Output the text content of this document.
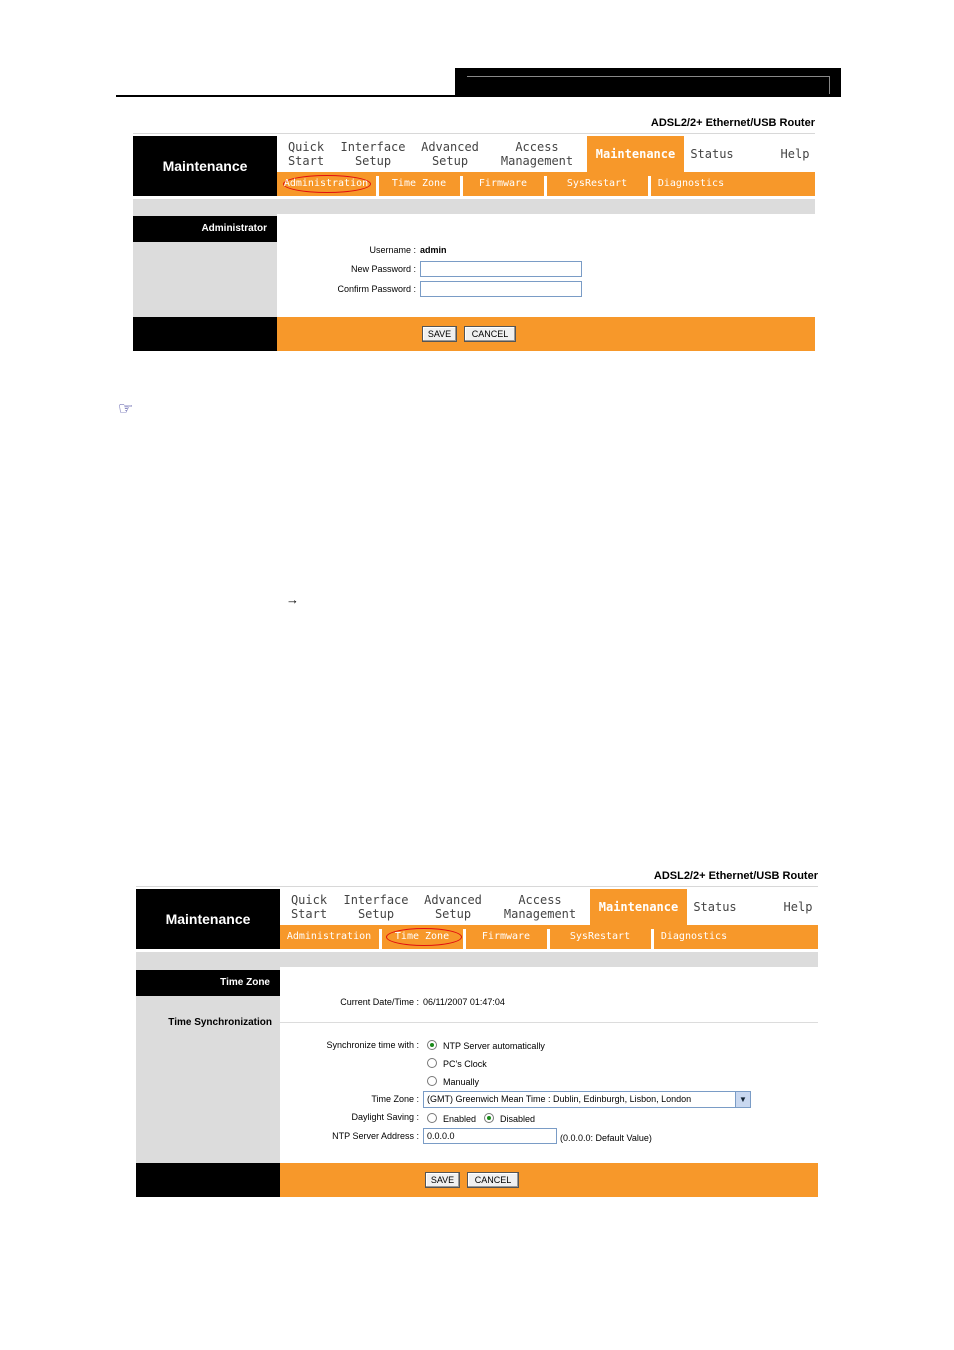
ADSL2/2+ Ethernet/USB Router
Maintenance
Quick Start
Interface Setup
Advanced Setup
Access Management	Maintenance Status	Help
Administration	Time Zone	Firmware	SysRestart	Diagnostics
Administrator
Username : admin
New Password :
Confirm Password :
SAVE	CANCEL
☞
→
ADSL2/2+ Ethernet/USB Router
Maintenance
Quick Start
Interface Setup
Advanced Setup
Access Management	Maintenance Status	Help
Administration	Time Zone	Firmware	SysRestart	Diagnostics
Time Zone
Time Synchronization
Current Date/Time : 06/11/2007 01:47:04
Synchronize time with :	NTP Server automatically
PC's Clock
Manually
Time Zone : (GMT) Greenwich Mean Time : Dublin, Edinburgh, Lisbon, London	▼
Daylight Saving :	Enabled	Disabled
NTP Server Address : 0.0.0.0	(0.0.0.0: Default Value)
SAVE	CANCEL
